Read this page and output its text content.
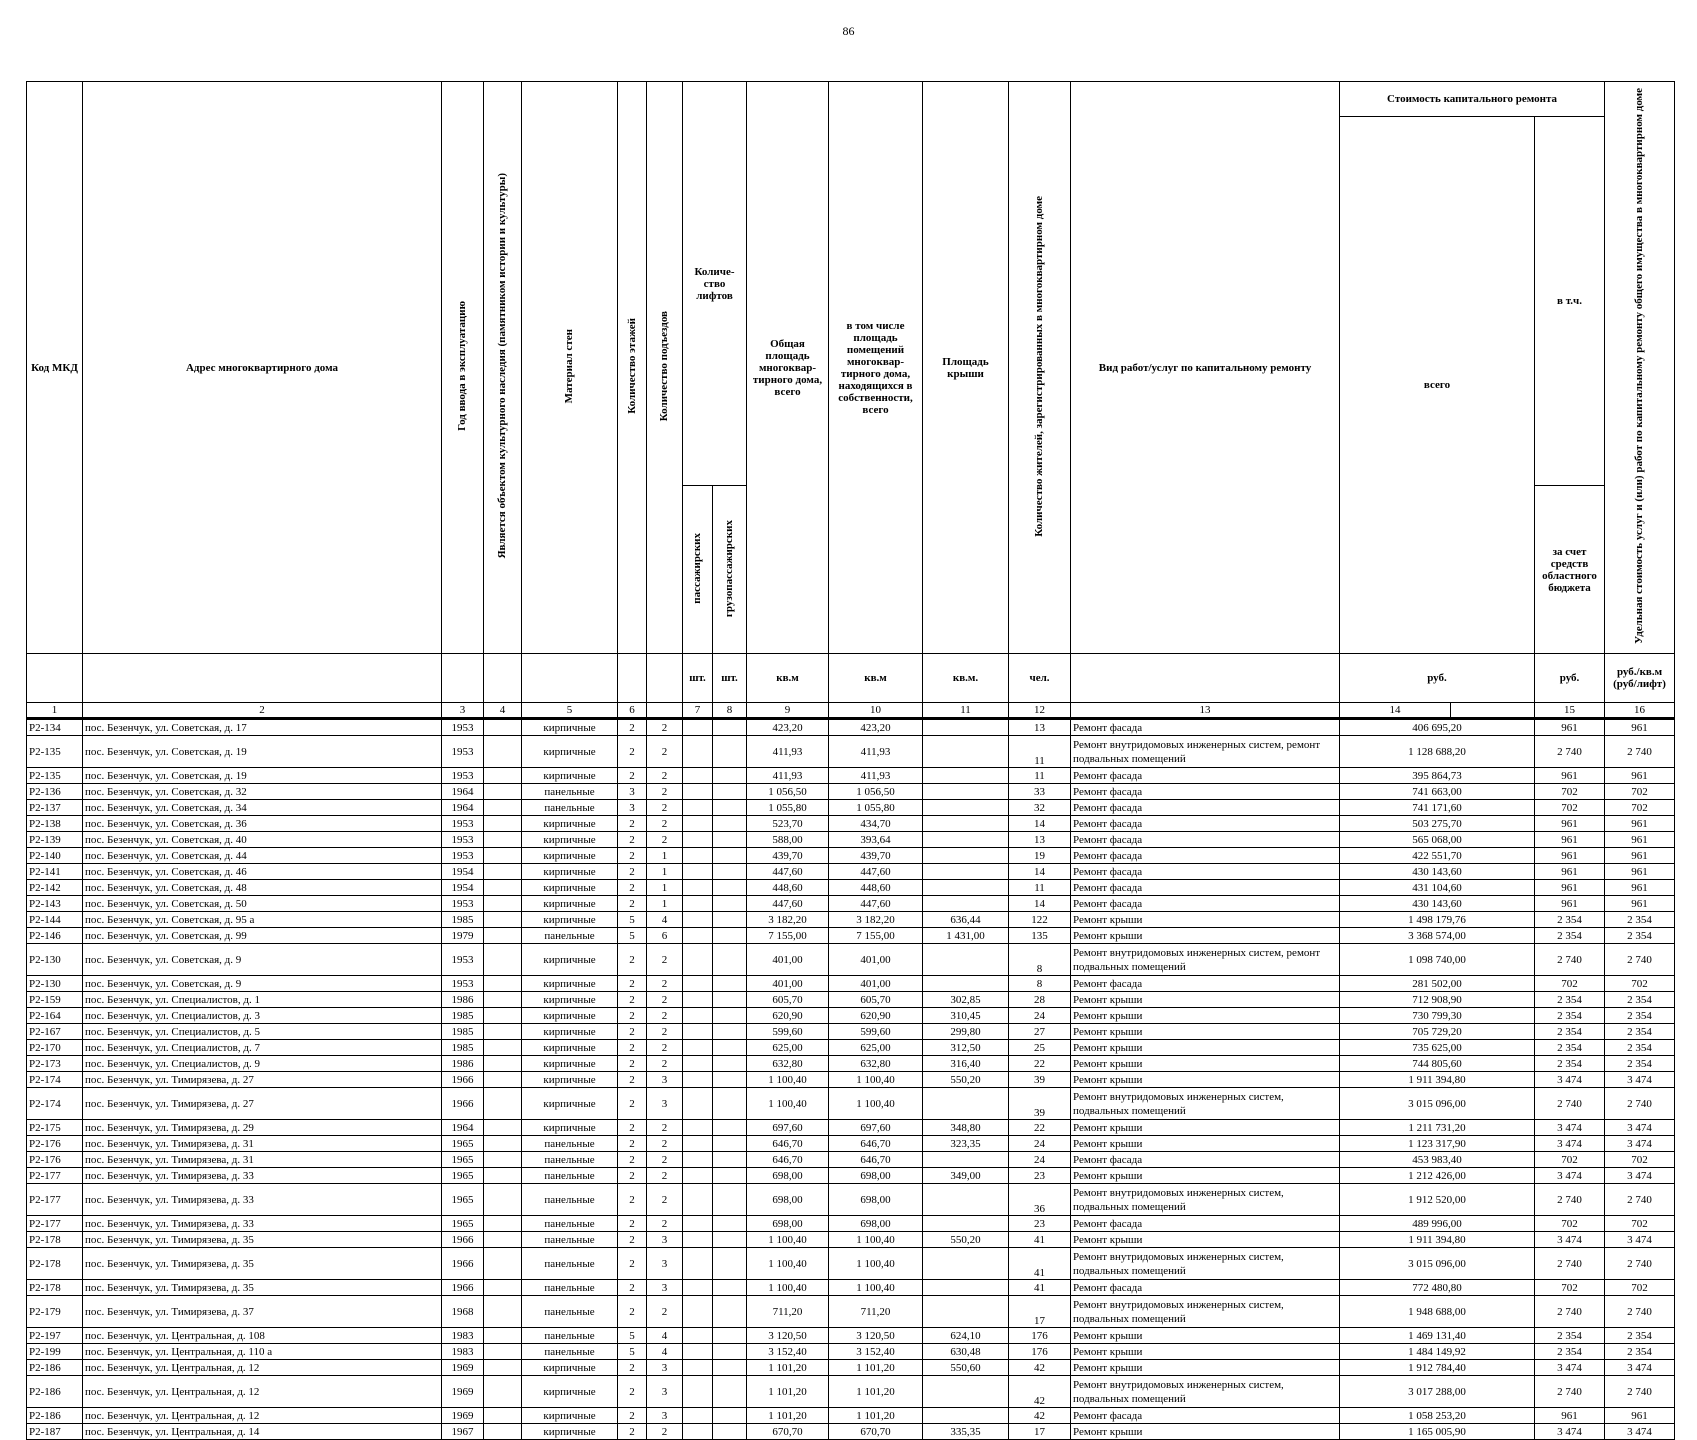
86
Код МКД	Адрес многоквартирного дома	Год ввода в эксплуатацию	Является объектом культурного наследия (памятником истории и культуры)	Материал стен	Количество этажей	Количество подъездов	Количе-ство лифтов		Общая площадь многоквар-тирного дома, всего	в том числе площадь помещений многоквар-тирного дома, находящихся в собственности, всего	Площадь крыши	Количество жителей, зарегистрированных в многоквартирном доме	Вид работ/услуг по капитальному ремонту	Стоимость капитального ремонта			Удельная стоимость услуг и (или) работ по капитальному ремонту общего имущества в многоквартирном доме	
														всего		в т.ч.		
							пассажирских	грузопассажирских								за счет средств областного бюджета		
							шт.	шт.	кв.м	кв.м	кв.м.	чел.		руб.		руб.	руб./кв.м (руб/лифт)	
1	2	3	4	5	6		7	8	9	10	11	12	13	14		15	16	
Р2-134	пос. Безенчук, ул. Советская, д. 17	1953		кирпичные	2	2			423,20	423,20		13	Ремонт фасада	406 695,20		961	961	
Р2-135	пос. Безенчук, ул. Советская, д. 19	1953		кирпичные	2	2			411,93	411,93		11	Ремонт внутридомовых инженерных систем, ремонт подвальных помещений	1 128 688,20		2 740	2 740	
Р2-135	пос. Безенчук, ул. Советская, д. 19	1953		кирпичные	2	2			411,93	411,93		11	Ремонт фасада	395 864,73		961	961	
Р2-136	пос. Безенчук, ул. Советская, д. 32	1964		панельные	3	2			1 056,50	1 056,50		33	Ремонт фасада	741 663,00		702	702	
Р2-137	пос. Безенчук, ул. Советская, д. 34	1964		панельные	3	2			1 055,80	1 055,80		32	Ремонт фасада	741 171,60		702	702	
Р2-138	пос. Безенчук, ул. Советская, д. 36	1953		кирпичные	2	2			523,70	434,70		14	Ремонт фасада	503 275,70		961	961	
Р2-139	пос. Безенчук, ул. Советская, д. 40	1953		кирпичные	2	2			588,00	393,64		13	Ремонт фасада	565 068,00		961	961	
Р2-140	пос. Безенчук, ул. Советская, д. 44	1953		кирпичные	2	1			439,70	439,70		19	Ремонт фасада	422 551,70		961	961	
Р2-141	пос. Безенчук, ул. Советская, д. 46	1954		кирпичные	2	1			447,60	447,60		14	Ремонт фасада	430 143,60		961	961	
Р2-142	пос. Безенчук, ул. Советская, д. 48	1954		кирпичные	2	1			448,60	448,60		11	Ремонт фасада	431 104,60		961	961	
Р2-143	пос. Безенчук, ул. Советская, д. 50	1953		кирпичные	2	1			447,60	447,60		14	Ремонт фасада	430 143,60		961	961	
Р2-144	пос. Безенчук, ул. Советская, д. 95 а	1985		кирпичные	5	4			3 182,20	3 182,20	636,44	122	Ремонт крыши	1 498 179,76		2 354	2 354	
Р2-146	пос. Безенчук, ул. Советская, д. 99	1979		панельные	5	6			7 155,00	7 155,00	1 431,00	135	Ремонт крыши	3 368 574,00		2 354	2 354	
Р2-130	пос. Безенчук, ул. Советская, д. 9	1953		кирпичные	2	2			401,00	401,00		8	Ремонт внутридомовых инженерных систем, ремонт подвальных помещений	1 098 740,00		2 740	2 740	
Р2-130	пос. Безенчук, ул. Советская, д. 9	1953		кирпичные	2	2			401,00	401,00		8	Ремонт фасада	281 502,00		702	702	
Р2-159	пос. Безенчук, ул. Специалистов, д. 1	1986		кирпичные	2	2			605,70	605,70	302,85	28	Ремонт крыши	712 908,90		2 354	2 354	
Р2-164	пос. Безенчук, ул. Специалистов, д. 3	1985		кирпичные	2	2			620,90	620,90	310,45	24	Ремонт крыши	730 799,30		2 354	2 354	
Р2-167	пос. Безенчук, ул. Специалистов, д. 5	1985		кирпичные	2	2			599,60	599,60	299,80	27	Ремонт крыши	705 729,20		2 354	2 354	
Р2-170	пос. Безенчук, ул. Специалистов, д. 7	1985		кирпичные	2	2			625,00	625,00	312,50	25	Ремонт крыши	735 625,00		2 354	2 354	
Р2-173	пос. Безенчук, ул. Специалистов, д. 9	1986		кирпичные	2	2			632,80	632,80	316,40	22	Ремонт крыши	744 805,60		2 354	2 354	
Р2-174	пос. Безенчук, ул. Тимирязева, д. 27	1966		кирпичные	2	3			1 100,40	1 100,40	550,20	39	Ремонт крыши	1 911 394,80		3 474	3 474	
Р2-174	пос. Безенчук, ул. Тимирязева, д. 27	1966		кирпичные	2	3			1 100,40	1 100,40		39	Ремонт внутридомовых инженерных систем, подвальных помещений	3 015 096,00		2 740	2 740	
Р2-175	пос. Безенчук, ул. Тимирязева, д. 29	1964		кирпичные	2	2			697,60	697,60	348,80	22	Ремонт крыши	1 211 731,20		3 474	3 474	
Р2-176	пос. Безенчук, ул. Тимирязева, д. 31	1965		панельные	2	2			646,70	646,70	323,35	24	Ремонт крыши	1 123 317,90		3 474	3 474	
Р2-176	пос. Безенчук, ул. Тимирязева, д. 31	1965		панельные	2	2			646,70	646,70		24	Ремонт фасада	453 983,40		702	702	
Р2-177	пос. Безенчук, ул. Тимирязева, д. 33	1965		панельные	2	2			698,00	698,00	349,00	23	Ремонт крыши	1 212 426,00		3 474	3 474	
Р2-177	пос. Безенчук, ул. Тимирязева, д. 33	1965		панельные	2	2			698,00	698,00		36	Ремонт внутридомовых инженерных систем, подвальных помещений	1 912 520,00		2 740	2 740	
Р2-177	пос. Безенчук, ул. Тимирязева, д. 33	1965		панельные	2	2			698,00	698,00		23	Ремонт фасада	489 996,00		702	702	
Р2-178	пос. Безенчук, ул. Тимирязева, д. 35	1966		панельные	2	3			1 100,40	1 100,40	550,20	41	Ремонт крыши	1 911 394,80		3 474	3 474	
Р2-178	пос. Безенчук, ул. Тимирязева, д. 35	1966		панельные	2	3			1 100,40	1 100,40		41	Ремонт внутридомовых инженерных систем, подвальных помещений	3 015 096,00		2 740	2 740	
Р2-178	пос. Безенчук, ул. Тимирязева, д. 35	1966		панельные	2	3			1 100,40	1 100,40		41	Ремонт фасада	772 480,80		702	702	
Р2-179	пос. Безенчук, ул. Тимирязева, д. 37	1968		панельные	2	2			711,20	711,20		17	Ремонт внутридомовых инженерных систем, подвальных помещений	1 948 688,00		2 740	2 740	
Р2-197	пос. Безенчук, ул. Центральная, д. 108	1983		панельные	5	4			3 120,50	3 120,50	624,10	176	Ремонт крыши	1 469 131,40		2 354	2 354	
Р2-199	пос. Безенчук, ул. Центральная, д. 110 а	1983		панельные	5	4			3 152,40	3 152,40	630,48	176	Ремонт крыши	1 484 149,92		2 354	2 354	
Р2-186	пос. Безенчук, ул. Центральная, д. 12	1969		кирпичные	2	3			1 101,20	1 101,20	550,60	42	Ремонт крыши	1 912 784,40		3 474	3 474	
Р2-186	пос. Безенчук, ул. Центральная, д. 12	1969		кирпичные	2	3			1 101,20	1 101,20		42	Ремонт внутридомовых инженерных систем, подвальных помещений	3 017 288,00		2 740	2 740	
Р2-186	пос. Безенчук, ул. Центральная, д. 12	1969		кирпичные	2	3			1 101,20	1 101,20		42	Ремонт фасада	1 058 253,20		961	961	
Р2-187	пос. Безенчук, ул. Центральная, д. 14	1967		кирпичные	2	2			670,70	670,70	335,35	17	Ремонт крыши	1 165 005,90		3 474	3 474	
